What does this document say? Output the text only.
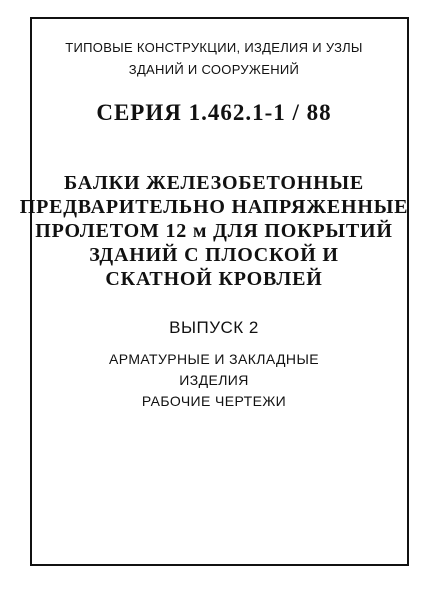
ТИПОВЫЕ КОНСТРУКЦИИ, ИЗДЕЛИЯ И УЗЛЫ
ЗДАНИЙ И СООРУЖЕНИЙ
СЕРИЯ 1.462.1-1 / 88
БАЛКИ ЖЕЛЕЗОБЕТОННЫЕ
ПРЕДВАРИТЕЛЬНО НАПРЯЖЕННЫЕ
ПРОЛЕТОМ 12 м ДЛЯ ПОКРЫТИЙ
ЗДАНИЙ С ПЛОСКОЙ И
СКАТНОЙ КРОВЛЕЙ
ВЫПУСК 2
АРМАТУРНЫЕ И ЗАКЛАДНЫЕ
ИЗДЕЛИЯ
РАБОЧИЕ ЧЕРТЕЖИ
